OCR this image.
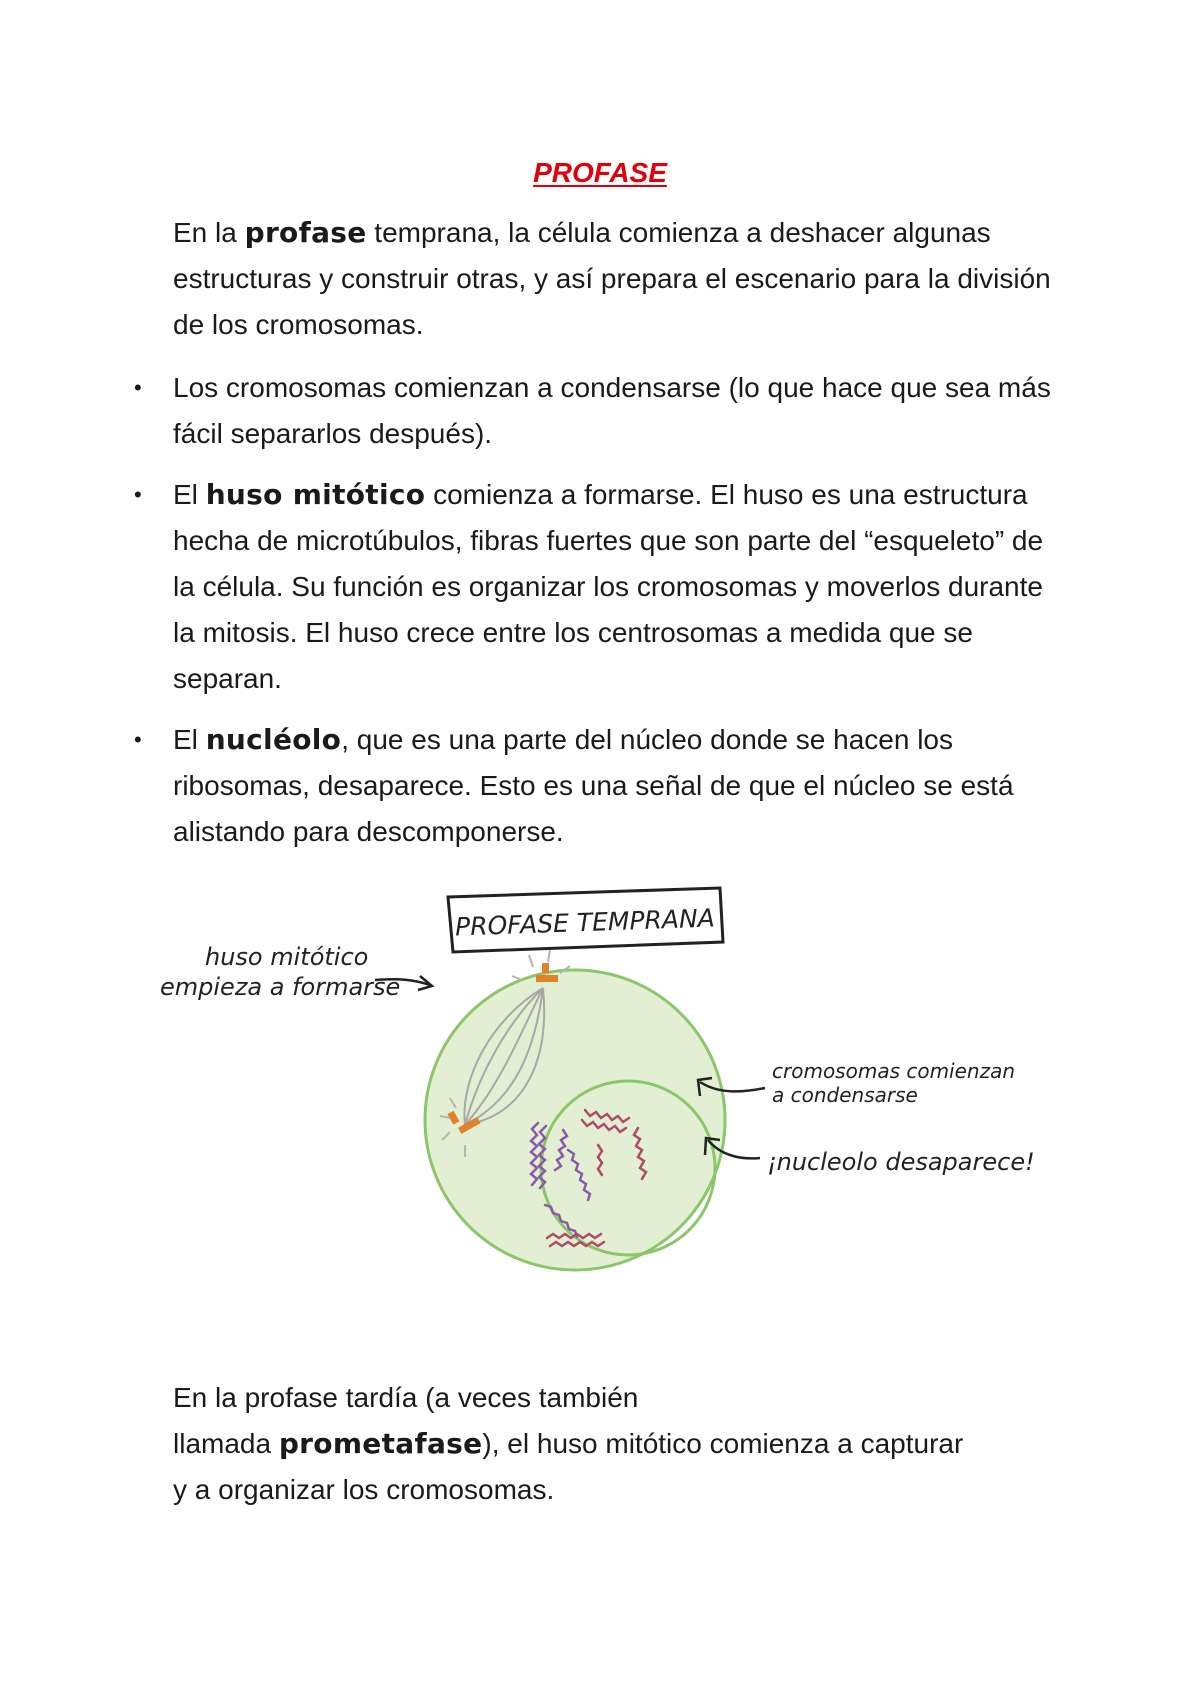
PROFASE
En la profase temprana, la célula comienza a deshacer algunas estructuras y construir otras, y así prepara el escenario para la división de los cromosomas.
• Los cromosomas comienzan a condensarse (lo que hace que sea más fácil separarlos después).
• El huso mitótico comienza a formarse. El huso es una estructura hecha de microtúbulos, fibras fuertes que son parte del “esqueleto” de la célula. Su función es organizar los cromosomas y moverlos durante la mitosis. El huso crece entre los centrosomas a medida que se separan.
• El nucléolo, que es una parte del núcleo donde se hacen los ribosomas, desaparece. Esto es una señal de que el núcleo se está alistando para descomponerse.
PROFASE TEMPRANA
huso mitótico
empieza a formarse
cromosomas comienzan
a condensarse
¡nucleolo desaparece!
En la profase tardía (a veces también
llamada prometafase), el huso mitótico comienza a capturar
y a organizar los cromosomas.
